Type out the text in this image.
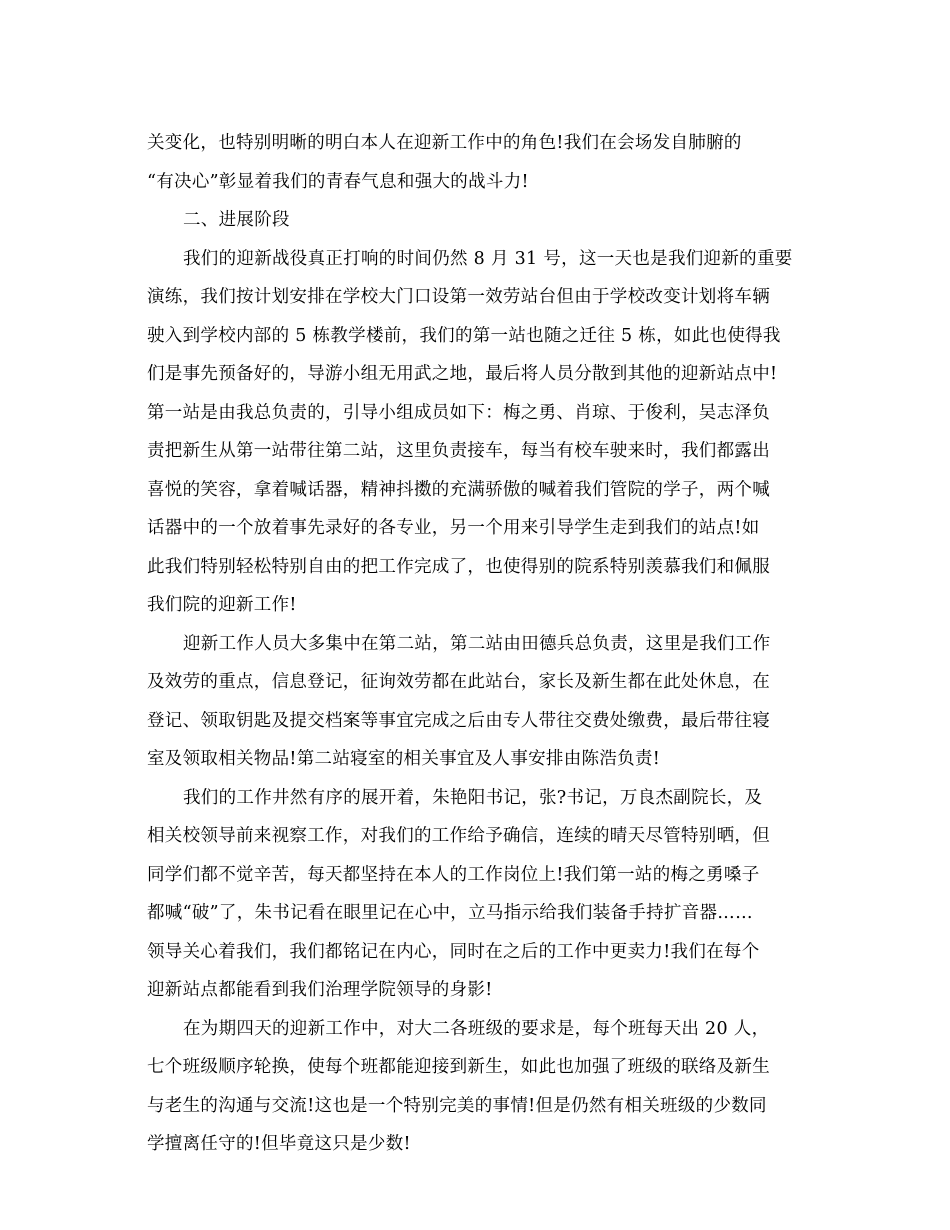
关变化，也特别明晰的明白本人在迎新工作中的角色!我们在会场发自肺腑的
“有决心”彰显着我们的青春气息和强大的战斗力!
二、进展阶段
我们的迎新战役真正打响的时间仍然 8 月 31 号，这一天也是我们迎新的重要
演练，我们按计划安排在学校大门口设第一效劳站台但由于学校改变计划将车辆
驶入到学校内部的 5 栋教学楼前，我们的第一站也随之迁往 5 栋，如此也使得我
们是事先预备好的，导游小组无用武之地，最后将人员分散到其他的迎新站点中!
第一站是由我总负责的，引导小组成员如下：梅之勇、肖琼、于俊利，吴志泽负
责把新生从第一站带往第二站，这里负责接车，每当有校车驶来时，我们都露出
喜悦的笑容，拿着喊话器，精神抖擞的充满骄傲的喊着我们管院的学子，两个喊
话器中的一个放着事先录好的各专业，另一个用来引导学生走到我们的站点!如
此我们特别轻松特别自由的把工作完成了，也使得别的院系特别羡慕我们和佩服
我们院的迎新工作!
迎新工作人员大多集中在第二站，第二站由田德兵总负责，这里是我们工作
及效劳的重点，信息登记，征询效劳都在此站台，家长及新生都在此处休息，在
登记、领取钥匙及提交档案等事宜完成之后由专人带往交费处缴费，最后带往寝
室及领取相关物品!第二站寝室的相关事宜及人事安排由陈浩负责!
我们的工作井然有序的展开着，朱艳阳书记，张?书记，万良杰副院长，及
相关校领导前来视察工作，对我们的工作给予确信，连续的晴天尽管特别晒，但
同学们都不觉辛苦，每天都坚持在本人的工作岗位上!我们第一站的梅之勇嗓子
都喊“破”了，朱书记看在眼里记在心中，立马指示给我们装备手持扩音器……
领导关心着我们，我们都铭记在内心，同时在之后的工作中更卖力!我们在每个
迎新站点都能看到我们治理学院领导的身影!
在为期四天的迎新工作中，对大二各班级的要求是，每个班每天出 20 人，
七个班级顺序轮换，使每个班都能迎接到新生，如此也加强了班级的联络及新生
与老生的沟通与交流!这也是一个特别完美的事情!但是仍然有相关班级的少数同
学擅离任守的!但毕竟这只是少数!
